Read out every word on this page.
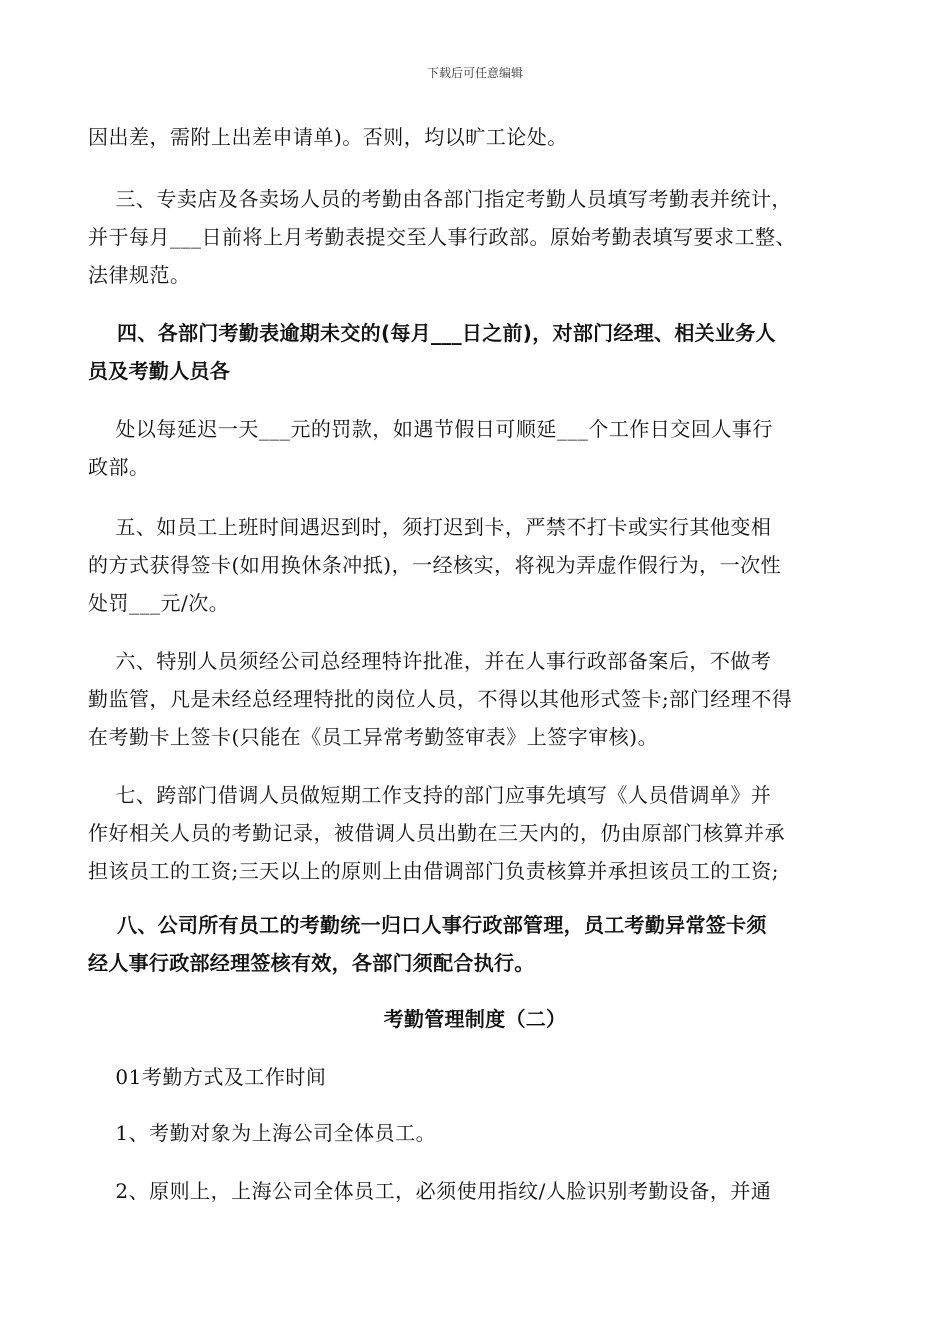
下载后可任意编辑
因出差，需附上出差申请单)。否则，均以旷工论处。
三、专卖店及各卖场人员的考勤由各部门指定考勤人员填写考勤表并统计，
并于每月___日前将上月考勤表提交至人事行政部。原始考勤表填写要求工整、
法律规范。
四、各部门考勤表逾期未交的(每月___日之前)，对部门经理、相关业务人
员及考勤人员各
处以每延迟一天___元的罚款，如遇节假日可顺延___个工作日交回人事行
政部。
五、如员工上班时间遇迟到时，须打迟到卡，严禁不打卡或实行其他变相
的方式获得签卡(如用换休条冲抵)，一经核实，将视为弄虚作假行为，一次性
处罚___元/次。
六、特别人员须经公司总经理特许批准，并在人事行政部备案后，不做考
勤监管，凡是未经总经理特批的岗位人员，不得以其他形式签卡;部门经理不得
在考勤卡上签卡(只能在《员工异常考勤签审表》上签字审核)。
七、跨部门借调人员做短期工作支持的部门应事先填写《人员借调单》并
作好相关人员的考勤记录，被借调人员出勤在三天内的，仍由原部门核算并承
担该员工的工资;三天以上的原则上由借调部门负责核算并承担该员工的工资;
八、公司所有员工的考勤统一归口人事行政部管理，员工考勤异常签卡须
经人事行政部经理签核有效，各部门须配合执行。
考勤管理制度（二）
01考勤方式及工作时间
1、考勤对象为上海公司全体员工。
2、原则上，上海公司全体员工，必须使用指纹/人脸识别考勤设备，并通
